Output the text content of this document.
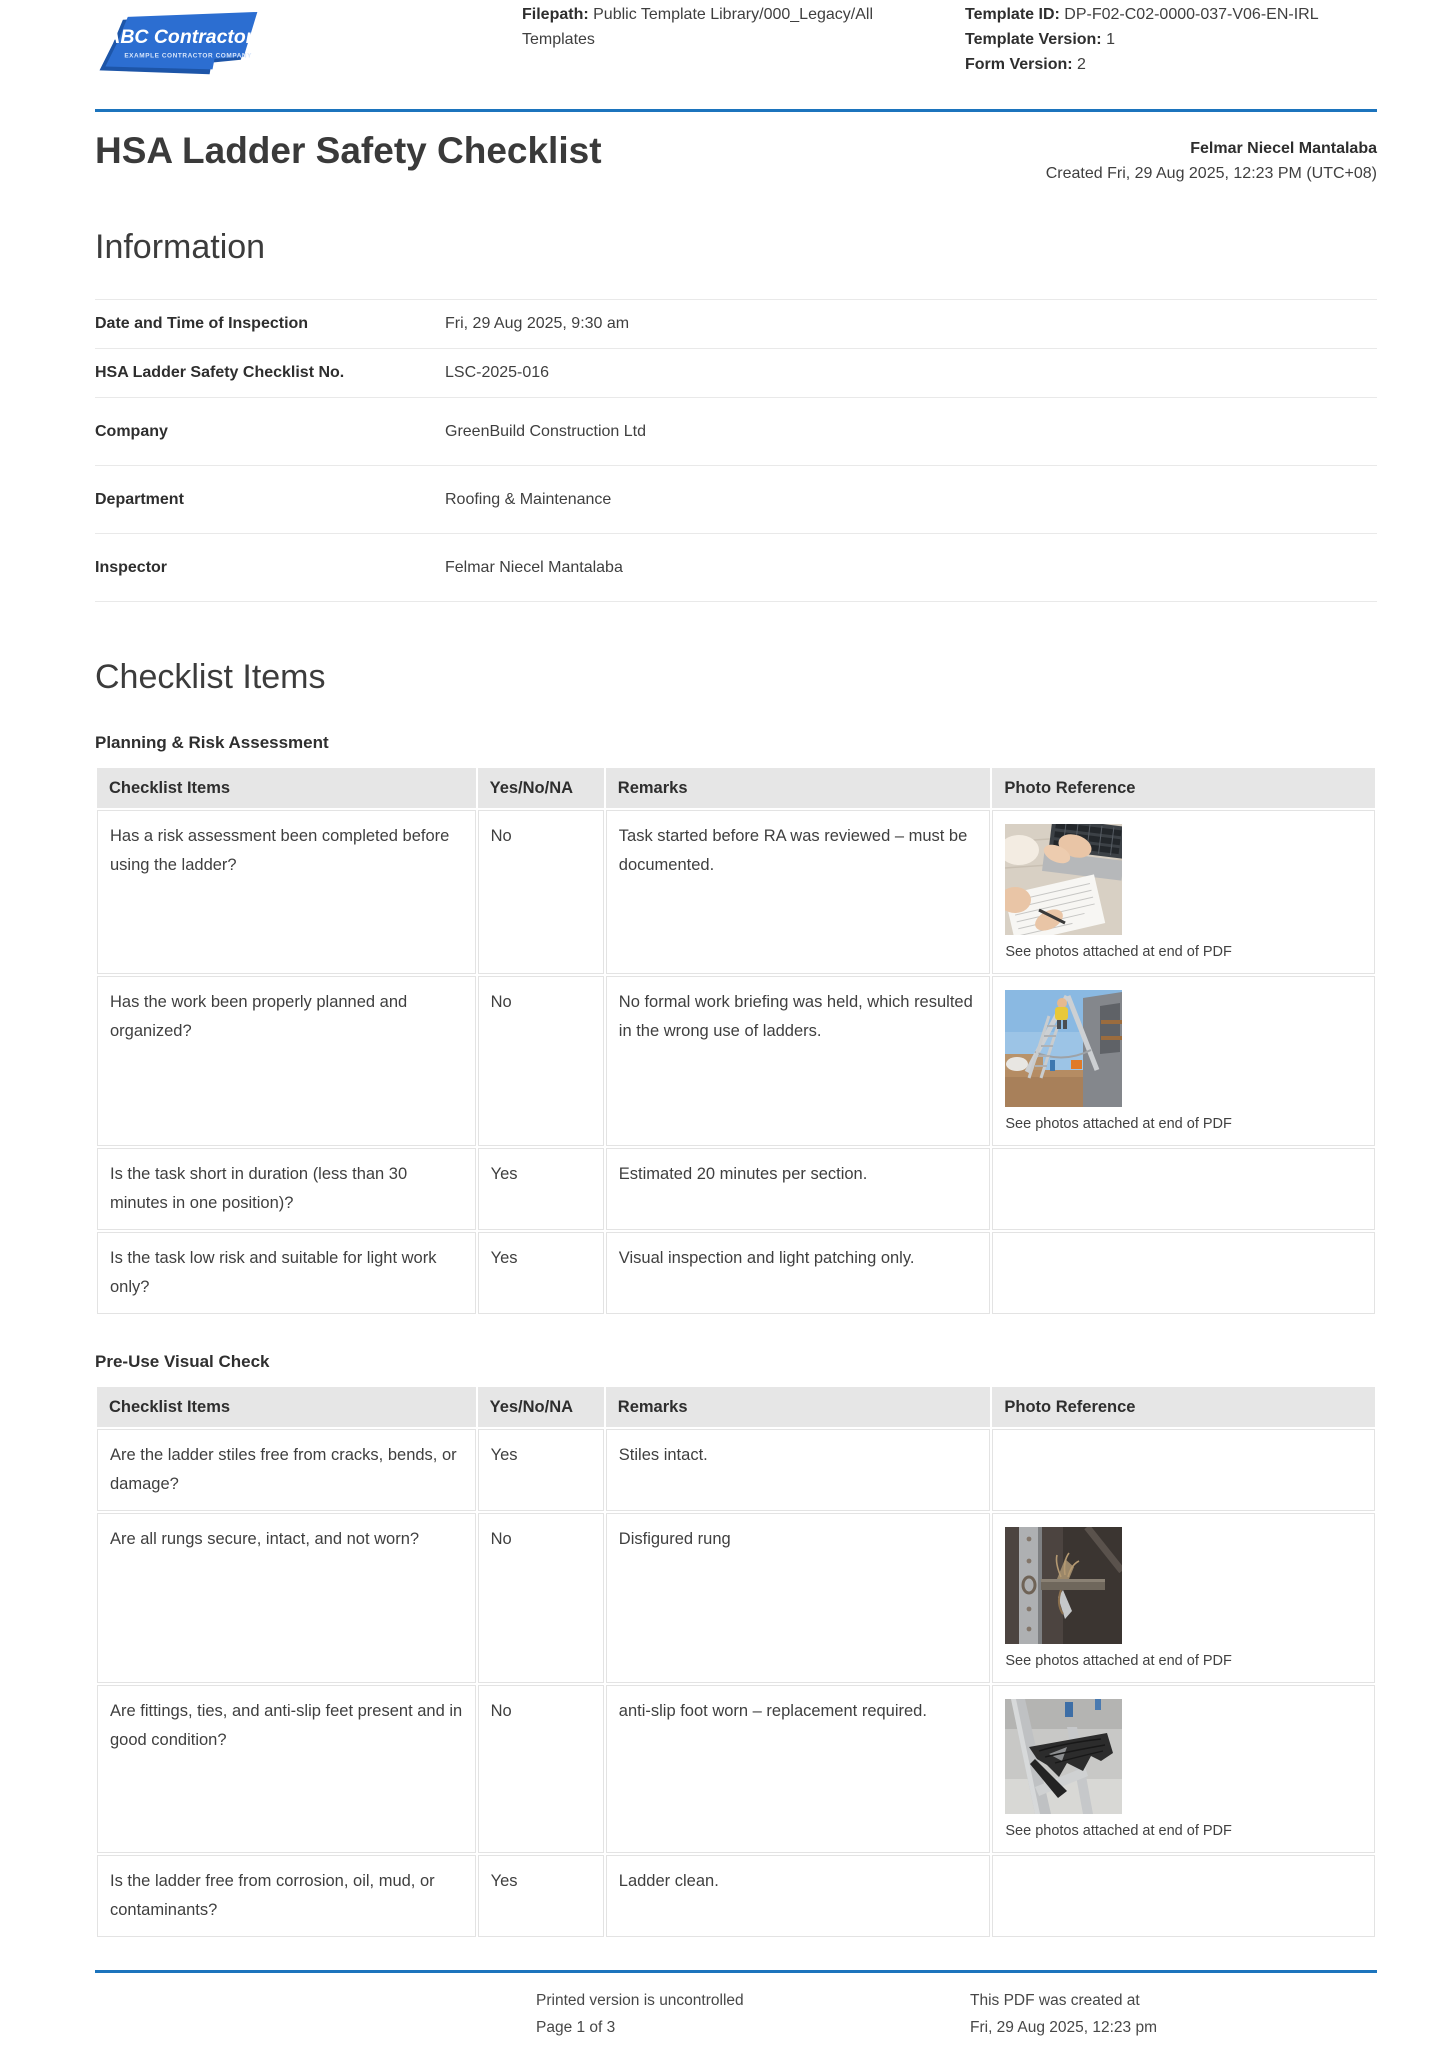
ABC Contractors
EXAMPLE CONTRACTOR COMPANY
Filepath: Public Template Library/000_Legacy/All Templates
Template ID: DP-F02-C02-0000-037-V06-EN-IRL
Template Version: 1
Form Version: 2
HSA Ladder Safety Checklist	Felmar Niecel Mantalaba
Created Fri, 29 Aug 2025, 12:23 PM (UTC+08)
Information
Date and Time of Inspection	Fri, 29 Aug 2025, 9:30 am
HSA Ladder Safety Checklist No.	LSC-2025-016
Company	GreenBuild Construction Ltd
Department	Roofing & Maintenance
Inspector	Felmar Niecel Mantalaba
Checklist Items
Planning & Risk Assessment
Checklist Items	Yes/No/NA	Remarks	Photo Reference
Has a risk assessment been completed before using the ladder?	No	Task started before RA was reviewed – must be documented.	See photos attached at end of PDF

Has the work been properly planned and organized?	No	No formal work briefing was held, which resulted in the wrong use of ladders.	See photos attached at end of PDF

Is the task short in duration (less than 30 minutes in one position)?	Yes	Estimated 20 minutes per section.	
Is the task low risk and suitable for light work only?	Yes	Visual inspection and light patching only.	
Pre-Use Visual Check
Checklist Items	Yes/No/NA	Remarks	Photo Reference
Are the ladder stiles free from cracks, bends, or damage?	Yes	Stiles intact.	
Are all rungs secure, intact, and not worn?	No	Disfigured rung	See photos attached at end of PDF

Are fittings, ties, and anti-slip feet present and in good condition?	No	anti-slip foot worn – replacement required.	See photos attached at end of PDF

Is the ladder free from corrosion, oil, mud, or contaminants?	Yes	Ladder clean.	
Printed version is uncontrolled
Page 1 of 3
This PDF was created at
Fri, 29 Aug 2025, 12:23 pm
